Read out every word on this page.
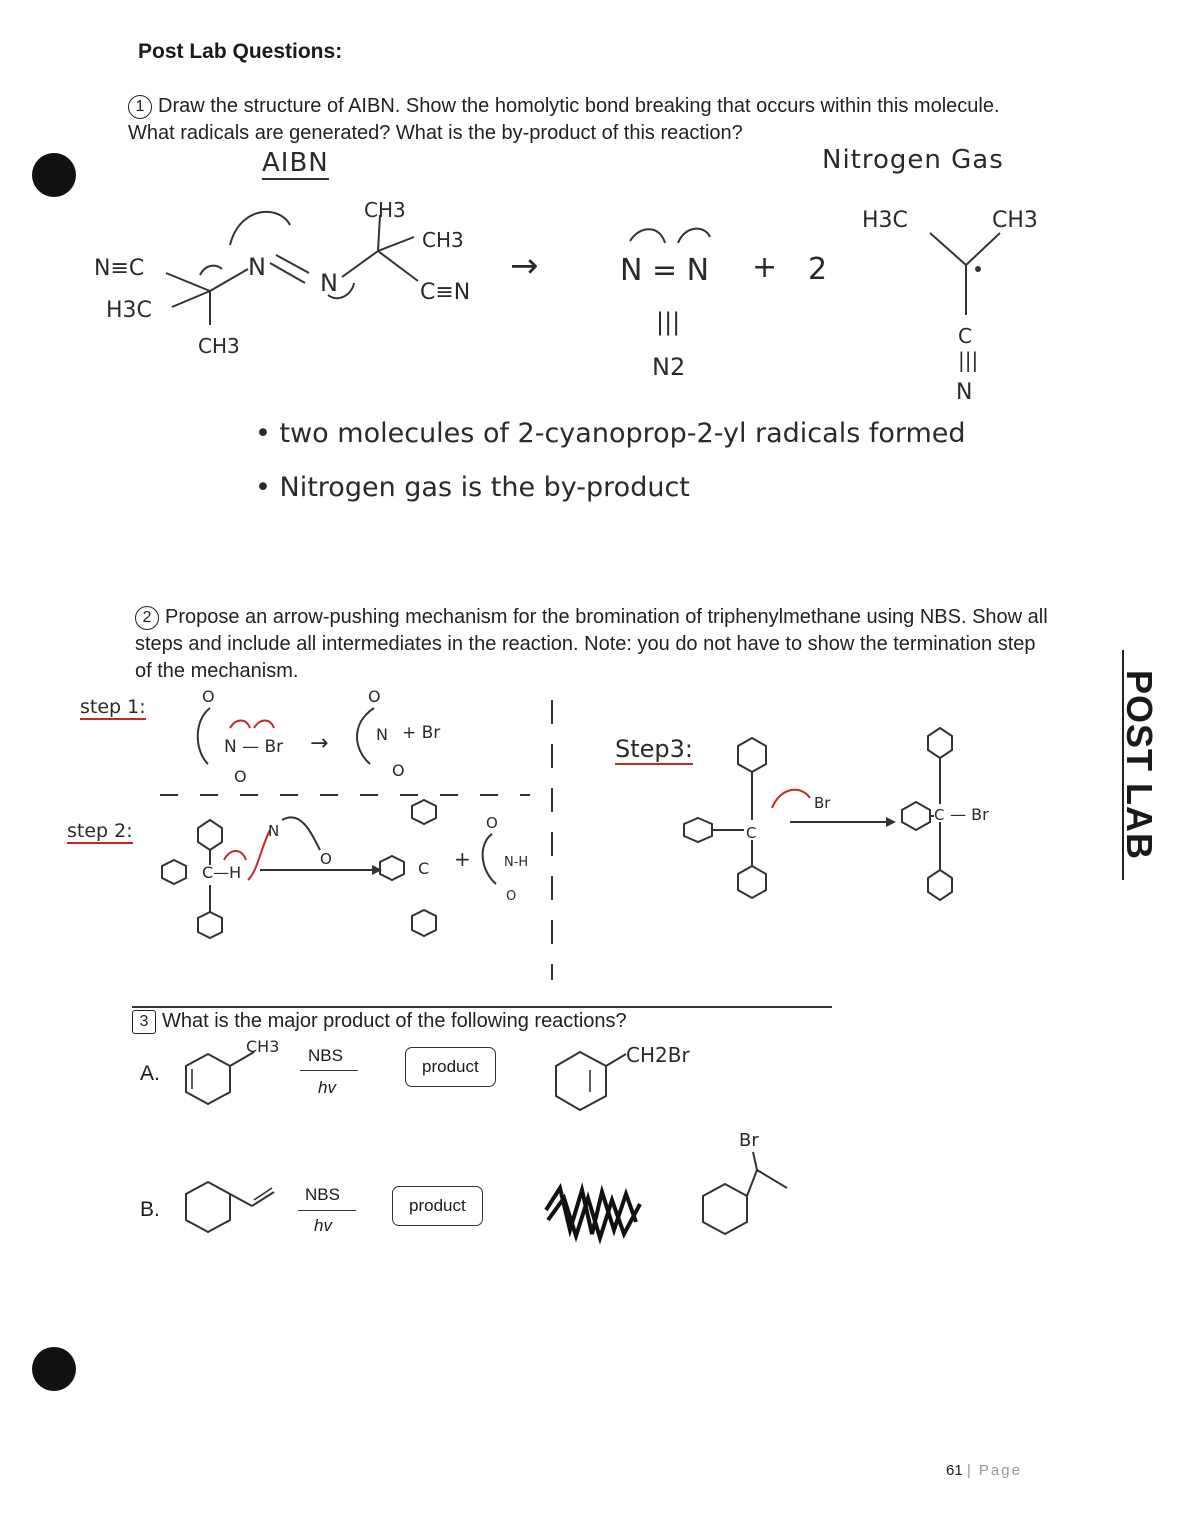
Post Lab Questions:
POST LAB
1 Draw the structure of AIBN. Show the homolytic bond breaking that occurs within this molecule. What radicals are generated? What is the by-product of this reaction?
AIBN	Nitrogen Gas
N≡C
H3C
CH3
N
N
CH3
CH3
C≡N
→	N = N + 2
|||
N2
H3C	CH3
C
|||
N
• two molecules of 2-cyanoprop-2-yl radicals formed
• Nitrogen gas is the by-product
2 Propose an arrow-pushing mechanism for the bromination of triphenylmethane using NBS. Show all steps and include all intermediates in the reaction. Note: you do not have to show the termination step of the mechanism.
step 1:
step 2:
Step3:
O
N — Br
O
→
O
N + Br
O
C—H
N
O	C +
O
N-H
O
C
Br
C — Br
3 What is the major product of the following reactions?
A.
CH3 NBS
hv
product	CH2Br
B.
NBS
hv
product
Br
61 | Page
